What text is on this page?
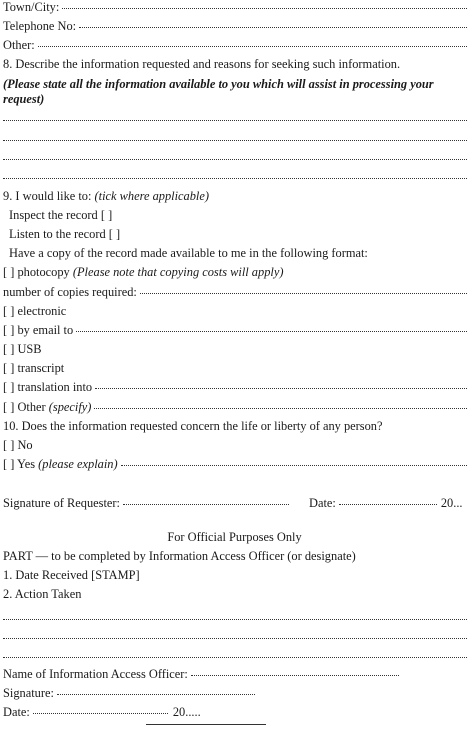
Town/City:
Telephone No:
Other:
8. Describe the information requested and reasons for seeking such information.
(Please state all the information available to you which will assist in processing your request)
9. I would like to: (tick where applicable)
Inspect the record [ ]
Listen to the record [ ]
Have a copy of the record made available to me in the following format:
[ ] photocopy (Please note that copying costs will apply)
number of copies required:
[ ] electronic
[ ] by email to
[ ] USB
[ ] transcript
[ ] translation into
[ ] Other (specify)
10. Does the information requested concern the life or liberty of any person?
[ ] No
[ ] Yes (please explain)
Signature of Requester:	Date:	20...
For Official Purposes Only
PART — to be completed by Information Access Officer (or designate)
1. Date Received [STAMP]
2. Action Taken
Name of Information Access Officer:
Signature:
Date:	20.....
